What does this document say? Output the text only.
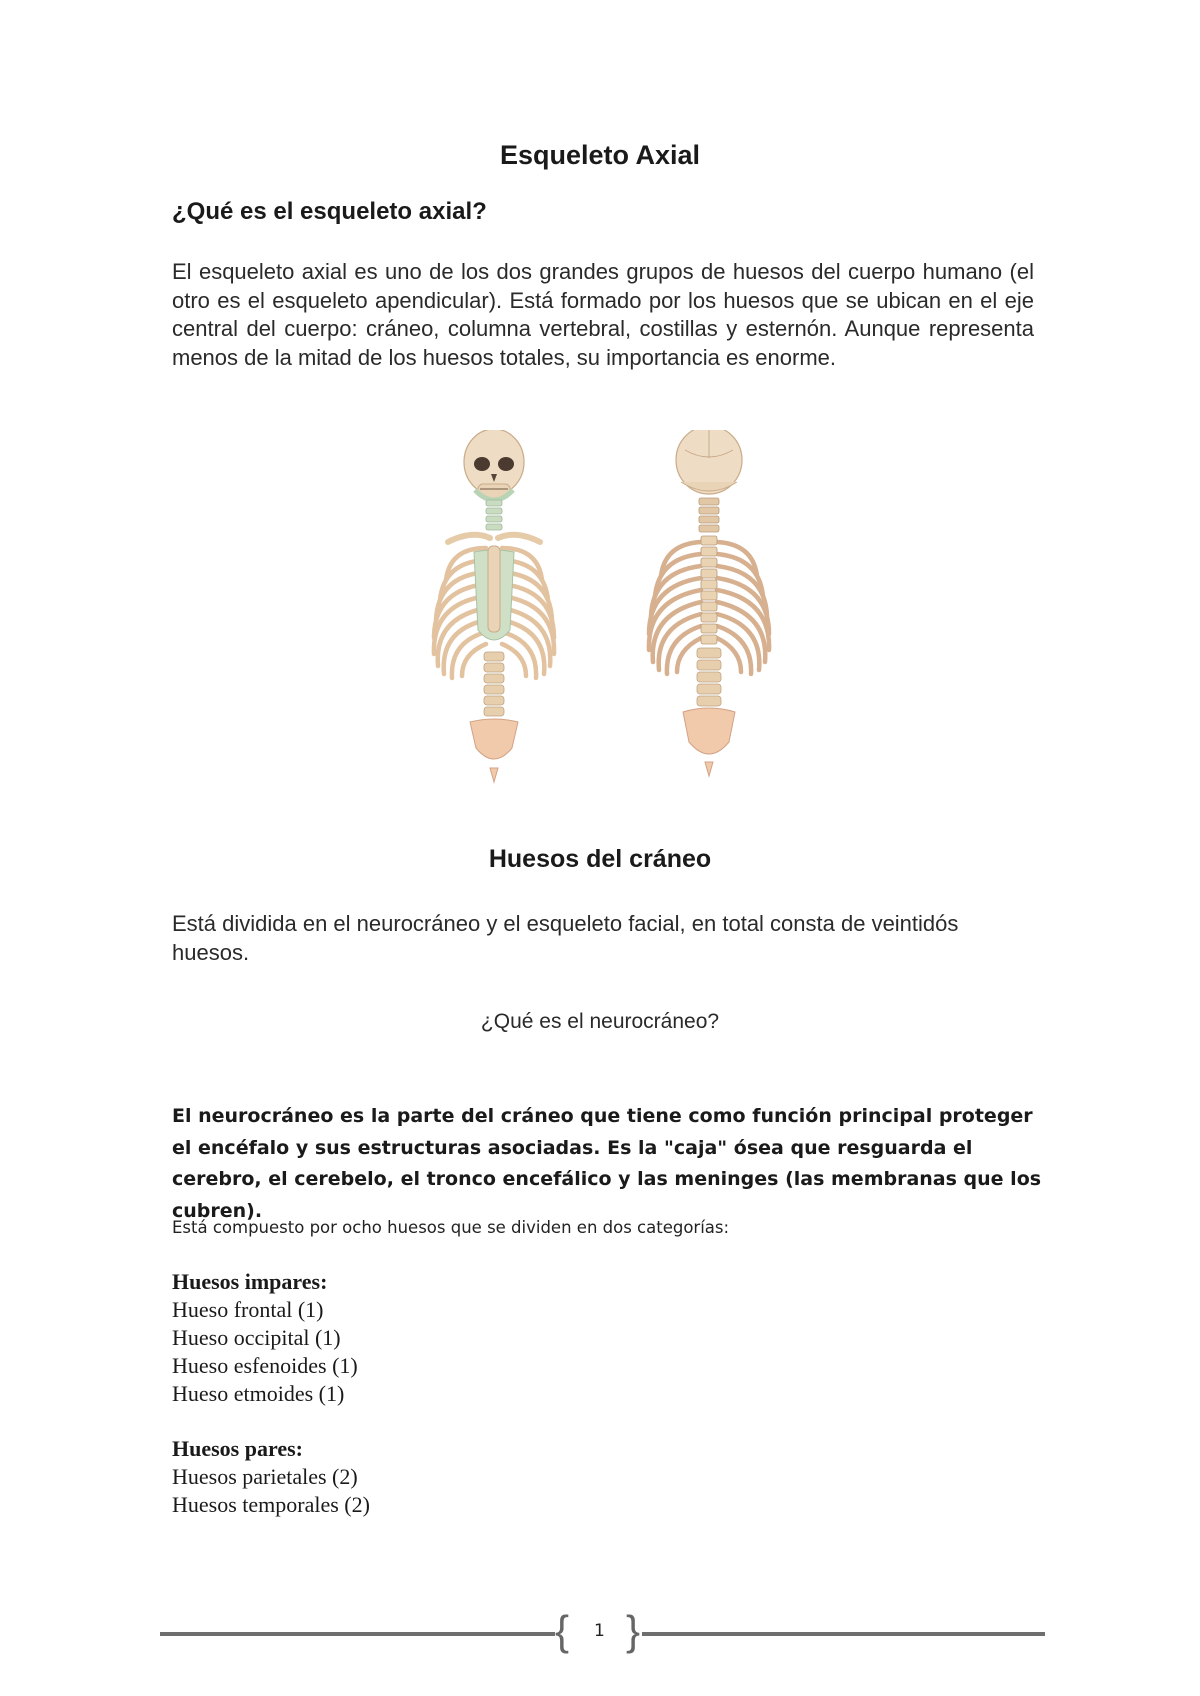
Esqueleto Axial
¿Qué es el esqueleto axial?

El esqueleto axial es uno de los dos grandes grupos de huesos del cuerpo humano (el otro es el esqueleto apendicular). Está formado por los huesos que se ubican en el eje central del cuerpo: cráneo, columna vertebral, costillas y esternón. Aunque representa menos de la mitad de los huesos totales, su importancia es enorme.

Huesos del cráneo

Está dividida en el neurocráneo y el esqueleto facial, en total consta de veintidós huesos.

¿Qué es el neurocráneo?

El neurocráneo es la parte del cráneo que tiene como función principal proteger el encéfalo y sus estructuras asociadas. Es la "caja" ósea que resguarda el cerebro, el cerebelo, el tronco encefálico y las meninges (las membranas que los cubren).

Está compuesto por ocho huesos que se dividen en dos categorías:

Huesos impares:
Hueso frontal (1)
Hueso occipital (1)
Hueso esfenoides (1)
Hueso etmoides (1)
Huesos pares:
Huesos parietales (2)
Huesos temporales (2)
{ 1 }
